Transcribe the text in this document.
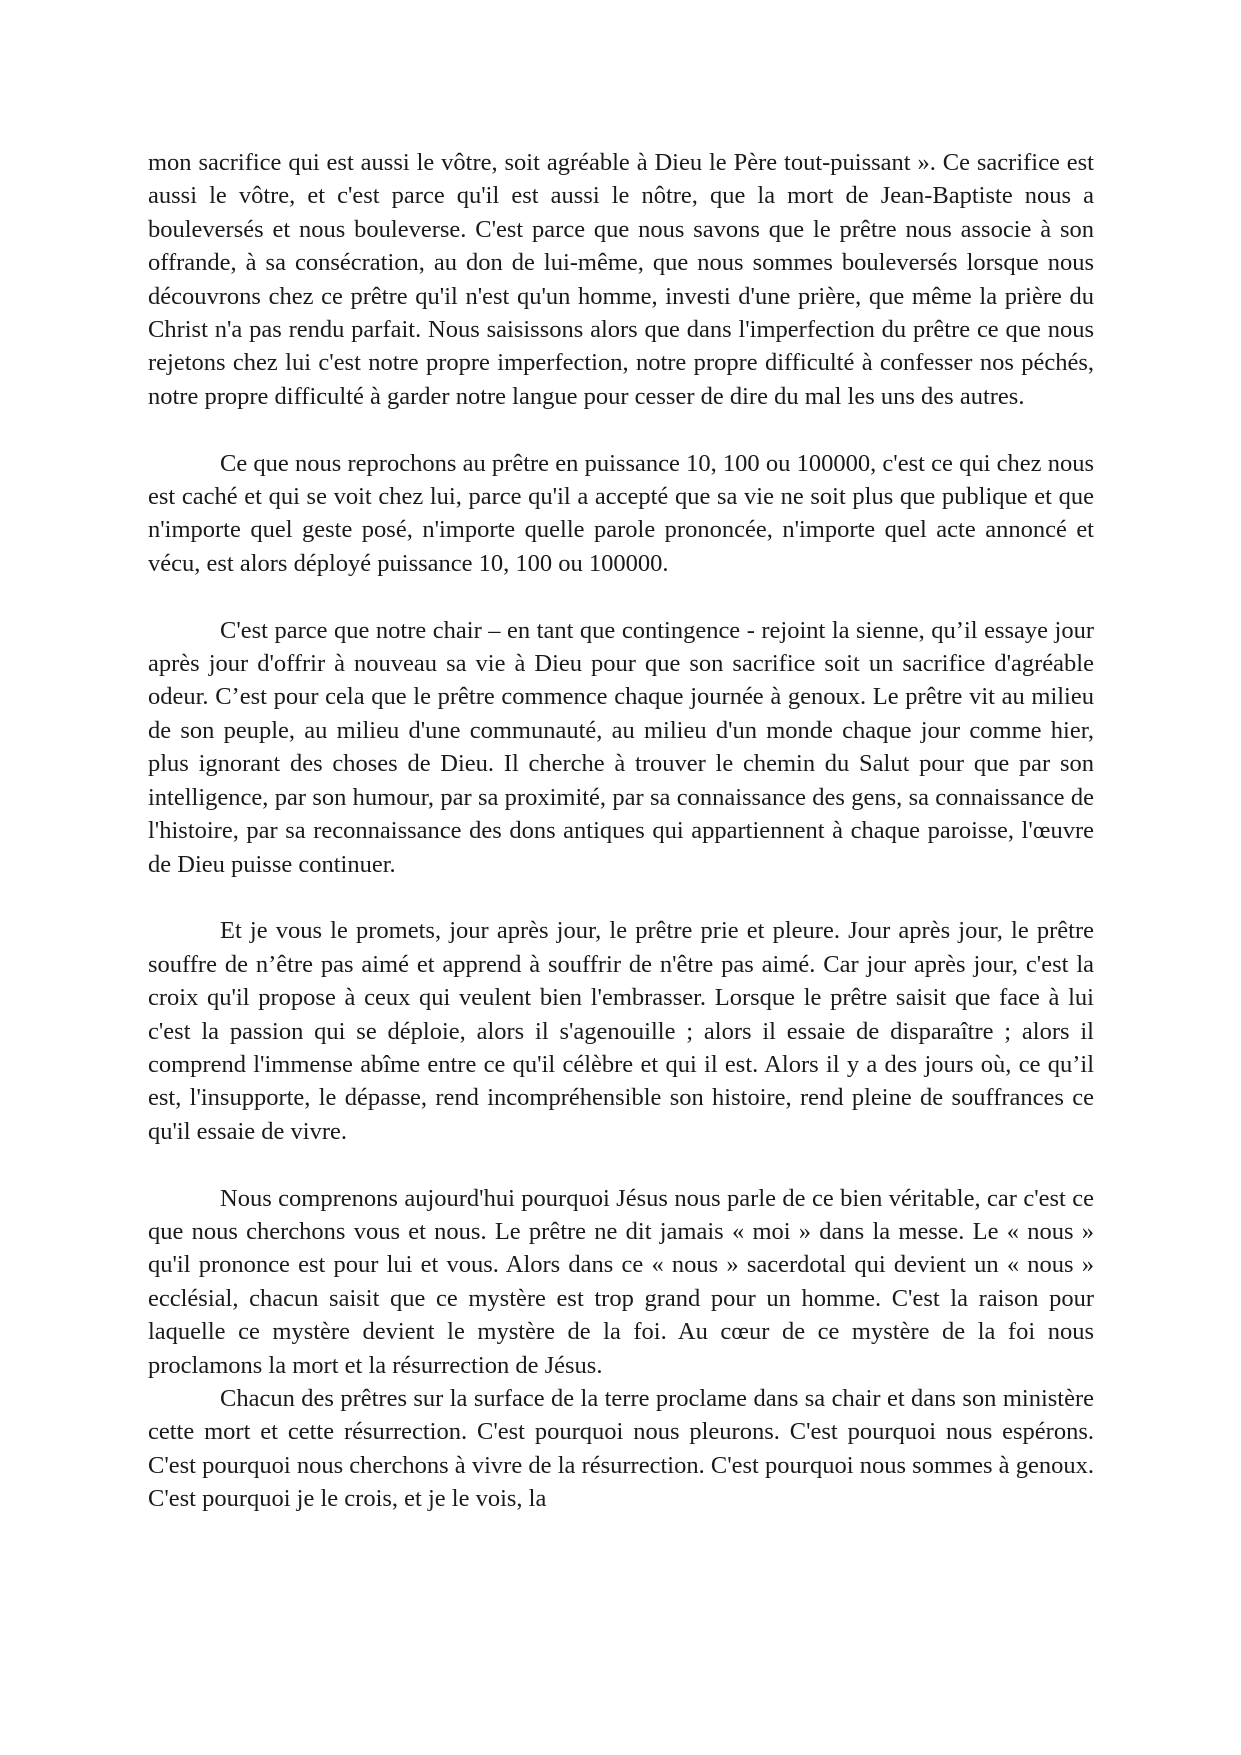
mon sacrifice qui est aussi le vôtre, soit agréable à Dieu le Père tout-puissant ». Ce sacrifice est aussi le vôtre, et c'est parce qu'il est aussi le nôtre, que la mort de Jean-Baptiste nous a bouleversés et nous bouleverse. C'est parce que nous savons que le prêtre nous associe à son offrande, à sa consécration, au don de lui-même, que nous sommes bouleversés lorsque nous découvrons chez ce prêtre qu'il n'est qu'un homme, investi d'une prière, que même la prière du Christ n'a pas rendu parfait. Nous saisissons alors que dans l'imperfection du prêtre ce que nous rejetons chez lui c'est notre propre imperfection, notre propre difficulté à confesser nos péchés, notre propre difficulté à garder notre langue pour cesser de dire du mal les uns des autres.

Ce que nous reprochons au prêtre en puissance 10, 100 ou 100000, c'est ce qui chez nous est caché et qui se voit chez lui, parce qu'il a accepté que sa vie ne soit plus que publique et que n'importe quel geste posé, n'importe quelle parole prononcée, n'importe quel acte annoncé et vécu, est alors déployé puissance 10, 100 ou 100000.

C'est parce que notre chair – en tant que contingence - rejoint la sienne, qu’il essaye jour après jour d'offrir à nouveau sa vie à Dieu pour que son sacrifice soit un sacrifice d'agréable odeur. C’est pour cela que le prêtre commence chaque journée à genoux. Le prêtre vit au milieu de son peuple, au milieu d'une communauté, au milieu d'un monde chaque jour comme hier, plus ignorant des choses de Dieu. Il cherche à trouver le chemin du Salut pour que par son intelligence, par son humour, par sa proximité, par sa connaissance des gens, sa connaissance de l'histoire, par sa reconnaissance des dons antiques qui appartiennent à chaque paroisse, l'œuvre de Dieu puisse continuer.

Et je vous le promets, jour après jour, le prêtre prie et pleure. Jour après jour, le prêtre souffre de n’être pas aimé et apprend à souffrir de n'être pas aimé. Car jour après jour, c'est la croix qu'il propose à ceux qui veulent bien l'embrasser. Lorsque le prêtre saisit que face à lui c'est la passion qui se déploie, alors il s'agenouille ; alors il essaie de disparaître ; alors il comprend l'immense abîme entre ce qu'il célèbre et qui il est. Alors il y a des jours où, ce qu’il est, l'insupporte, le dépasse, rend incompréhensible son histoire, rend pleine de souffrances ce qu'il essaie de vivre.

Nous comprenons aujourd'hui pourquoi Jésus nous parle de ce bien véritable, car c'est ce que nous cherchons vous et nous. Le prêtre ne dit jamais « moi » dans la messe. Le « nous » qu'il prononce est pour lui et vous. Alors dans ce « nous » sacerdotal qui devient un « nous » ecclésial, chacun saisit que ce mystère est trop grand pour un homme. C'est la raison pour laquelle ce mystère devient le mystère de la foi. Au cœur de ce mystère de la foi nous proclamons la mort et la résurrection de Jésus.

Chacun des prêtres sur la surface de la terre proclame dans sa chair et dans son ministère cette mort et cette résurrection. C'est pourquoi nous pleurons. C'est pourquoi nous espérons. C'est pourquoi nous cherchons à vivre de la résurrection. C'est pourquoi nous sommes à genoux. C'est pourquoi je le crois, et je le vois, la
